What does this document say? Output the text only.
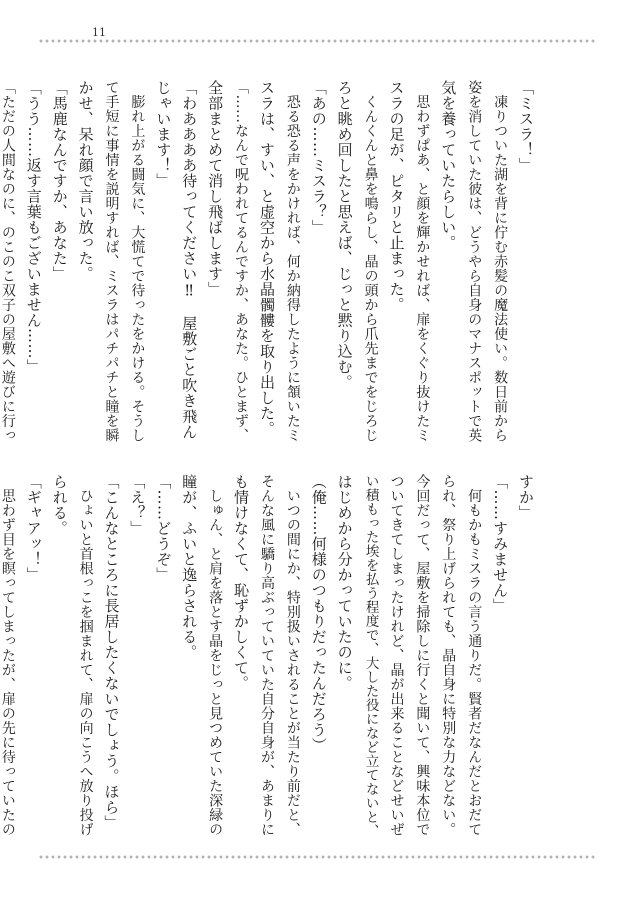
11
「ミスラ！」
　凍りついた湖を背に佇む赤髪の魔法使い。数日前から
姿を消していた彼は、どうやら自身のマナスポットで英
気を養っていたらしい。
　思わずぱあ、と顔を輝かせれば、扉をくぐり抜けたミ
スラの足が、ピタリと止まった。
　くんくんと鼻を鳴らし、晶の頭から爪先までをじろじ
ろと眺め回したと思えば、じっと黙り込む。
「あの……ミスラ？」
　恐る恐る声をかければ、何か納得したように頷いたミ
スラは、すい、と虚空から水晶髑髏を取り出した。
「……なんで呪われてるんですか、あなた。ひとまず、
全部まとめて消し飛ばします」
「わああああ待ってください‼　屋敷ごと吹き飛ん
じゃいます！」
　膨れ上がる闘気に、大慌てで待ったをかける。そうし
て手短に事情を説明すれば、ミスラはパチパチと瞳を瞬
かせ、呆れ顔で言い放った。
「馬鹿なんですか、あなた」
「うう……返す言葉もございません……」
「ただの人間なのに、のこのこ双子の屋敷へ遊びに行っ
すか」
「……すみません」
　何もかもミスラの言う通りだ。賢者だなんだとおだて
られ、祭り上げられても、晶自身に特別な力などない。
今回だって、屋敷を掃除しに行くと聞いて、興味本位で
ついてきてしまったけれど、晶が出来ることなどせいぜ
い積もった埃を払う程度で、大した役になど立てないと、
はじめから分かっていたのに。
（俺……何様のつもりだったんだろう）
　いつの間にか、特別扱いされることが当たり前だと、
そんな風に驕り高ぶっていていた自分自身が、あまりに
も情けなくて、恥ずかしくて。
　しゅん、と肩を落とす晶をじっと見つめていた深緑の
瞳が、ふいと逸らされる。
「……どうぞ」
「え？」
「こんなところに長居したくないでしょう。ほら」
　ひょいと首根っこを掴まれて、扉の向こうへ放り投げ
られる。
「ギャアッ！」
　思わず目を瞑ってしまったが、扉の先に待っていたの
